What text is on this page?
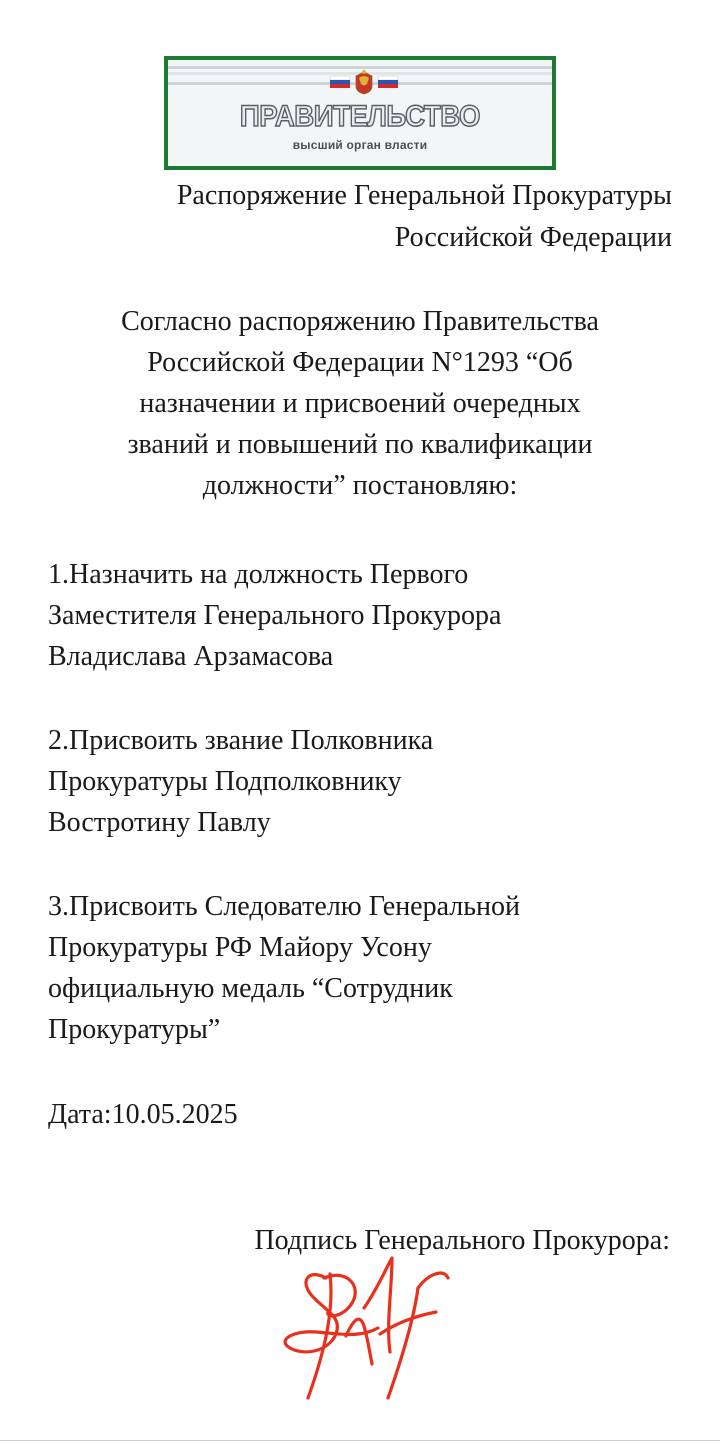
ПРАВИТЕЛЬСТВО
высший орган власти
Распоряжение Генеральной Прокуратуры
Российской Федерации
Согласно распоряжению Правительства
Российской Федерации N°1293 “Об
назначении и присвоений очередных
званий и повышений по квалификации
должности” постановляю:
1.Назначить на должность Первого
Заместителя Генерального Прокурора
Владислава Арзамасова
2.Присвоить звание Полковника
Прокуратуры Подполковнику
Востротину Павлу
3.Присвоить Следователю Генеральной
Прокуратуры РФ Майору Усону
официальную медаль “Сотрудник
Прокуратуры”
Дата:10.05.2025
Подпись Генерального Прокурора:
